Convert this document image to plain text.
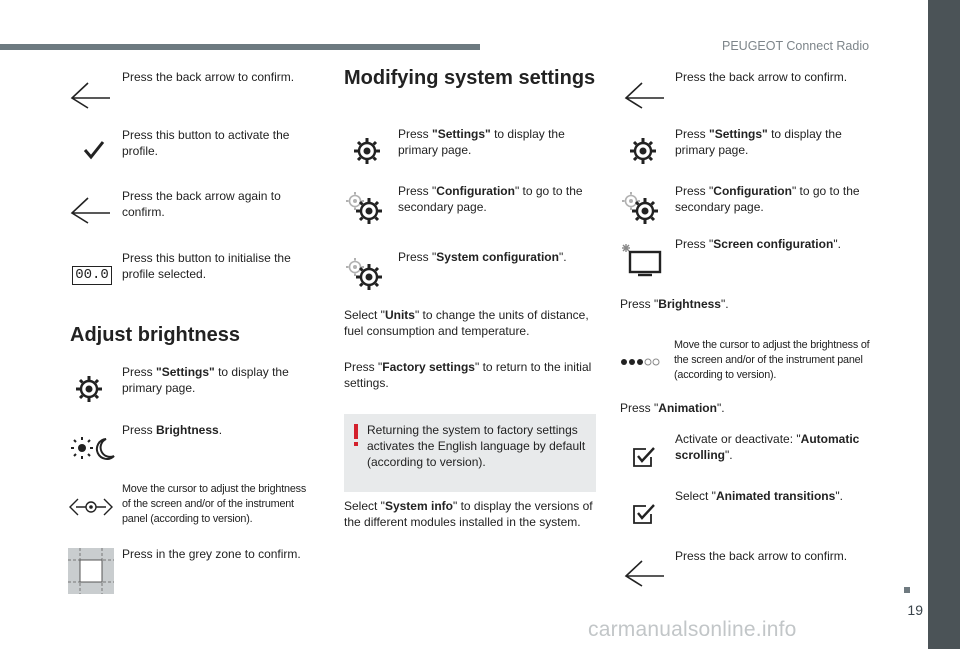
PEUGEOT Connect Radio
19
carmanualsonline.info
Press the back arrow to confirm.
Press this button to activate the profile.
Press the back arrow again to confirm.
00.0
Press this button to initialise the profile selected.
Adjust brightness
Press "Settings" to display the primary page.
Press Brightness.
Move the cursor to adjust the brightness of the screen and/or of the instrument panel (according to version).
Press in the grey zone to confirm.
Modifying system settings
Press "Settings" to display the primary page.
Press "Configuration" to go to the secondary page.
Press "System configuration".
Select "Units" to change the units of distance, fuel consumption and temperature.
Press "Factory settings" to return to the initial settings.
Returning the system to factory settings activates the English language by default (according to version).
Select "System info" to display the versions of the different modules installed in the system.
Press the back arrow to confirm.
Press "Settings" to display the primary page.
Press "Configuration" to go to the secondary page.
Press "Screen configuration".
Press "Brightness".
Move the cursor to adjust the brightness of the screen and/or of the instrument panel (according to version).
Press "Animation".
Activate or deactivate: "Automatic scrolling".
Select "Animated transitions".
Press the back arrow to confirm.
